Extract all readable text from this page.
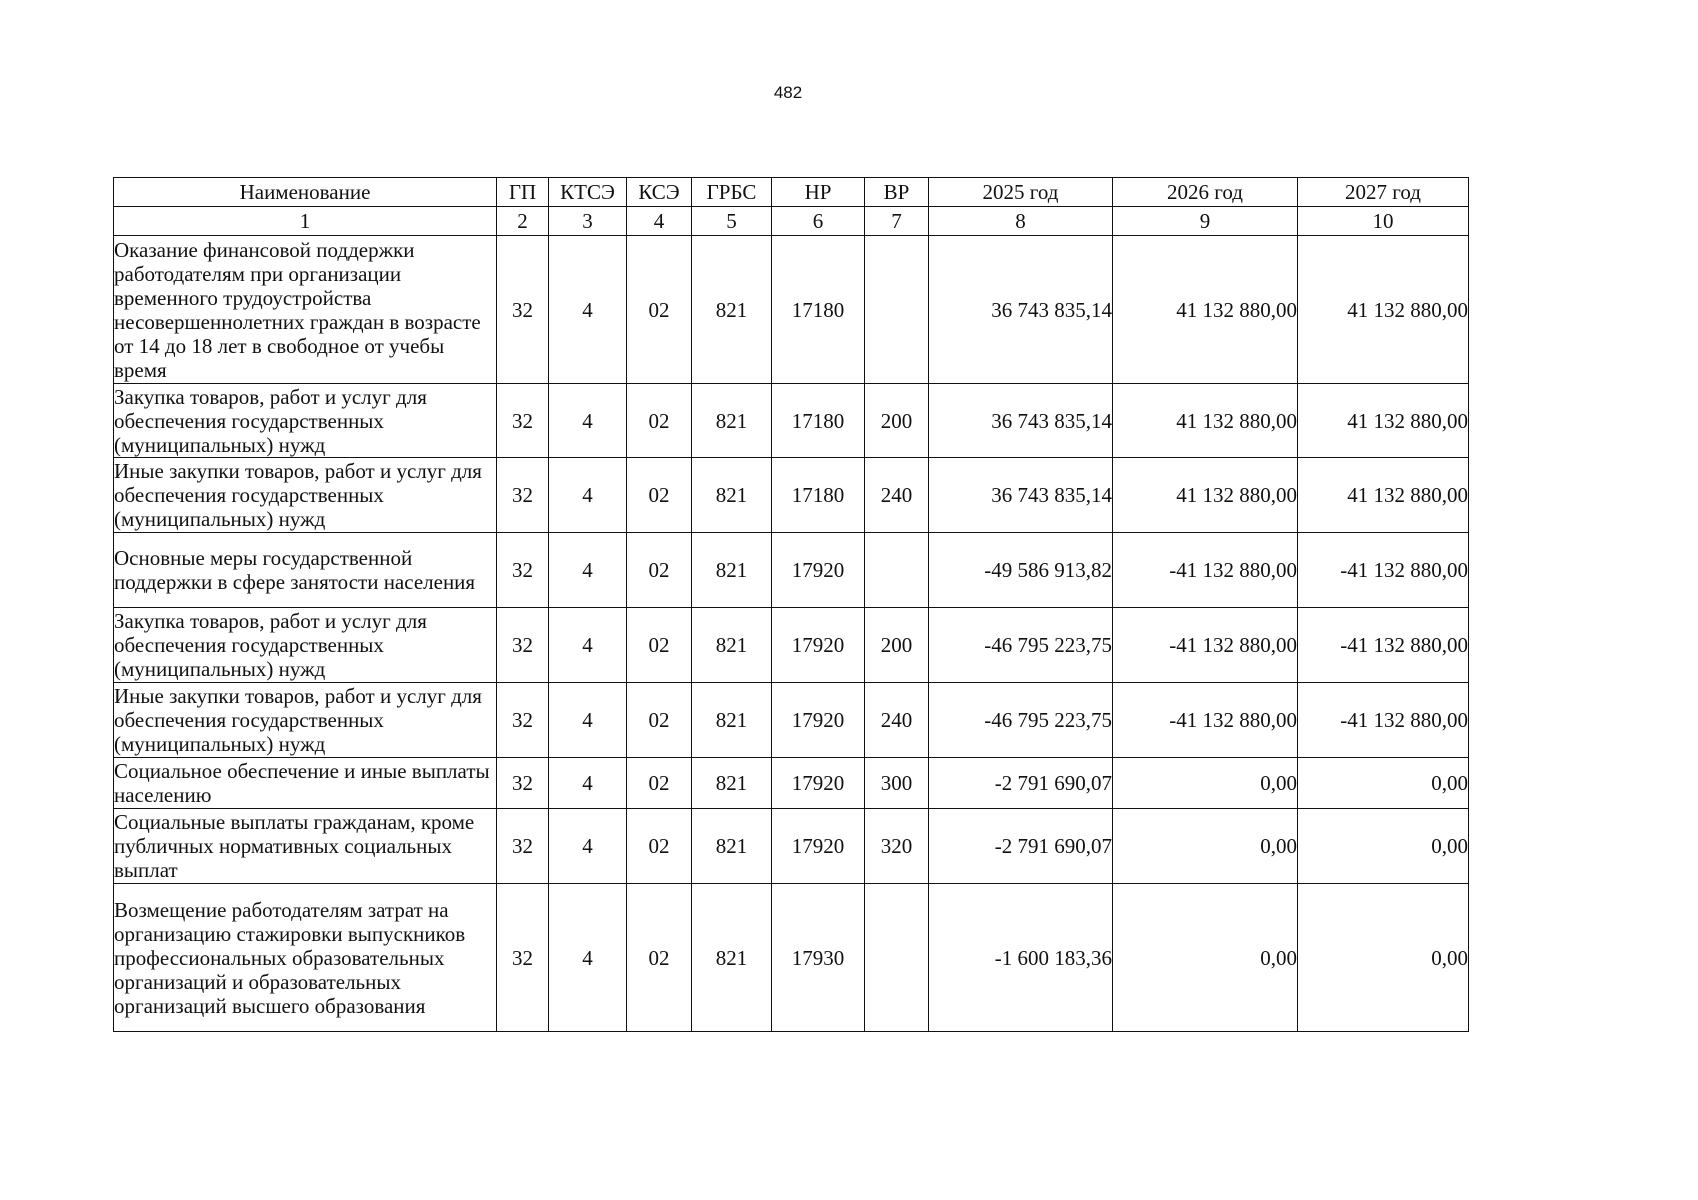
482
Наименование	ГП	КТСЭ	КСЭ	ГРБС	НР	ВР	2025 год	2026 год	2027 год
1	2	3	4	5	6	7	8	9	10
Оказание финансовой поддержки работодателям при организации временного трудоустройства несовершеннолетних граждан в возрасте от 14 до 18 лет в свободное от учебы время	32	4	02	821	17180		36 743 835,14	41 132 880,00	41 132 880,00
Закупка товаров, работ и услуг для обеспечения государственных (муниципальных) нужд	32	4	02	821	17180	200	36 743 835,14	41 132 880,00	41 132 880,00
Иные закупки товаров, работ и услуг для обеспечения государственных (муниципальных) нужд	32	4	02	821	17180	240	36 743 835,14	41 132 880,00	41 132 880,00
Основные меры государственной поддержки в сфере занятости населения	32	4	02	821	17920		-49 586 913,82	-41 132 880,00	-41 132 880,00
Закупка товаров, работ и услуг для обеспечения государственных (муниципальных) нужд	32	4	02	821	17920	200	-46 795 223,75	-41 132 880,00	-41 132 880,00
Иные закупки товаров, работ и услуг для обеспечения государственных (муниципальных) нужд	32	4	02	821	17920	240	-46 795 223,75	-41 132 880,00	-41 132 880,00
Социальное обеспечение и иные выплаты населению	32	4	02	821	17920	300	-2 791 690,07	0,00	0,00
Социальные выплаты гражданам, кроме публичных нормативных социальных выплат	32	4	02	821	17920	320	-2 791 690,07	0,00	0,00
Возмещение работодателям затрат на организацию стажировки выпускников профессиональных образовательных организаций и образовательных организаций высшего образования	32	4	02	821	17930		-1 600 183,36	0,00	0,00
